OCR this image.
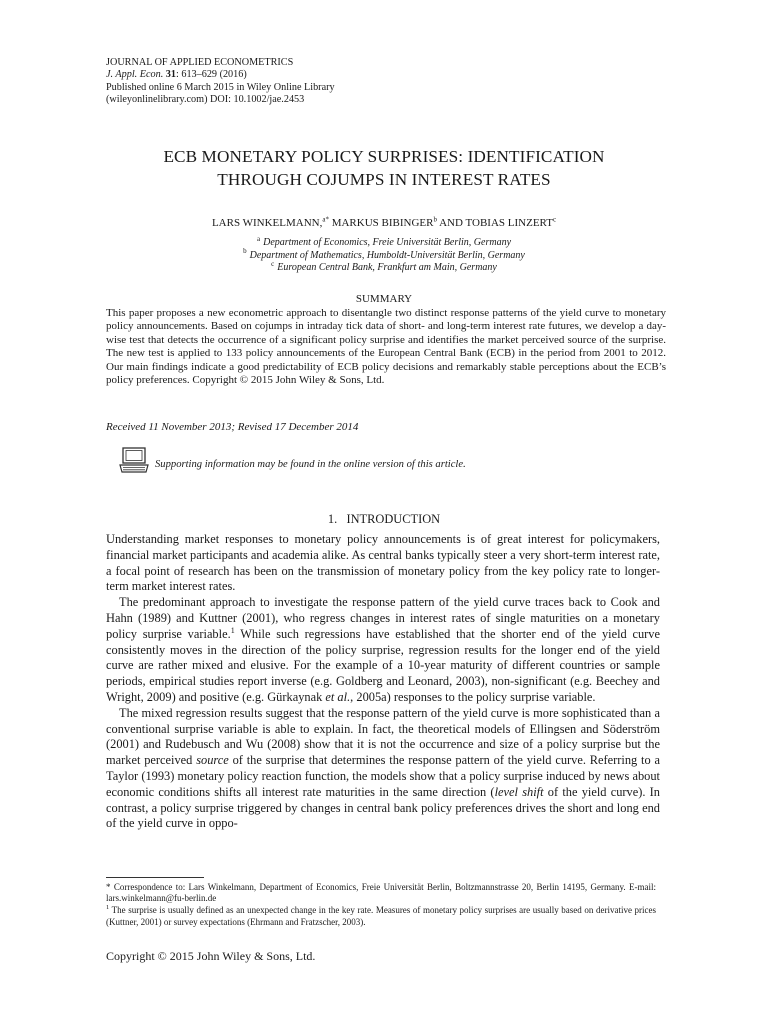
JOURNAL OF APPLIED ECONOMETRICS
J. Appl. Econ. 31: 613–629 (2016)
Published online 6 March 2015 in Wiley Online Library
(wileyonlinelibrary.com) DOI: 10.1002/jae.2453
ECB MONETARY POLICY SURPRISES: IDENTIFICATION
THROUGH COJUMPS IN INTEREST RATES
LARS WINKELMANN,$^{a*}$ MARKUS BIBINGER$^b$ AND TOBIAS LINZERT$^c$
$^a$ Department of Economics, Freie Universität Berlin, Germany
$^b$ Department of Mathematics, Humboldt-Universität Berlin, Germany
$^c$ European Central Bank, Frankfurt am Main, Germany
SUMMARY
This paper proposes a new econometric approach to disentangle two distinct response patterns of the yield curve to monetary policy announcements. Based on cojumps in intraday tick data of short- and long-term interest rate futures, we develop a day-wise test that detects the occurrence of a significant policy surprise and identifies the market perceived source of the surprise. The new test is applied to 133 policy announcements of the European Central Bank (ECB) in the period from 2001 to 2012. Our main findings indicate a good predictability of ECB policy decisions and remarkably stable perceptions about the ECB’s policy preferences. Copyright © 2015 John Wiley & Sons, Ltd.
Received 11 November 2013; Revised 17 December 2014
Supporting information may be found in the online version of this article.
1. INTRODUCTION

Understanding market responses to monetary policy announcements is of great interest for policymakers, financial market participants and academia alike. As central banks typically steer a very short-term interest rate, a focal point of research has been on the transmission of monetary policy from the key policy rate to longer-term market interest rates.

The predominant approach to investigate the response pattern of the yield curve traces back to Cook and Hahn (1989) and Kuttner (2001), who regress changes in interest rates of single maturities on a monetary policy surprise variable.$^1$ While such regressions have established that the shorter end of the yield curve consistently moves in the direction of the policy surprise, regression results for the longer end of the yield curve are rather mixed and elusive. For the example of a 10-year maturity of different countries or sample periods, empirical studies report inverse (e.g. Goldberg and Leonard, 2003), non-significant (e.g. Beechey and Wright, 2009) and positive (e.g. Gürkaynak et al., 2005a) responses to the policy surprise variable.

The mixed regression results suggest that the response pattern of the yield curve is more sophisticated than a conventional surprise variable is able to explain. In fact, the theoretical models of Ellingsen and Söderström (2001) and Rudebusch and Wu (2008) show that it is not the occurrence and size of a policy surprise but the market perceived source of the surprise that determines the response pattern of the yield curve. Referring to a Taylor (1993) monetary policy reaction function, the models show that a policy surprise induced by news about economic conditions shifts all interest rate maturities in the same direction (level shift of the yield curve). In contrast, a policy surprise triggered by changes in central bank policy preferences drives the short and long end of the yield curve in oppo-

* Correspondence to: Lars Winkelmann, Department of Economics, Freie Universität Berlin, Boltzmannstrasse 20, Berlin 14195, Germany. E-mail: lars.winkelmann@fu-berlin.de

$^1$ The surprise is usually defined as an unexpected change in the key rate. Measures of monetary policy surprises are usually based on derivative prices (Kuttner, 2001) or survey expectations (Ehrmann and Fratzscher, 2003).

Copyright © 2015 John Wiley & Sons, Ltd.
